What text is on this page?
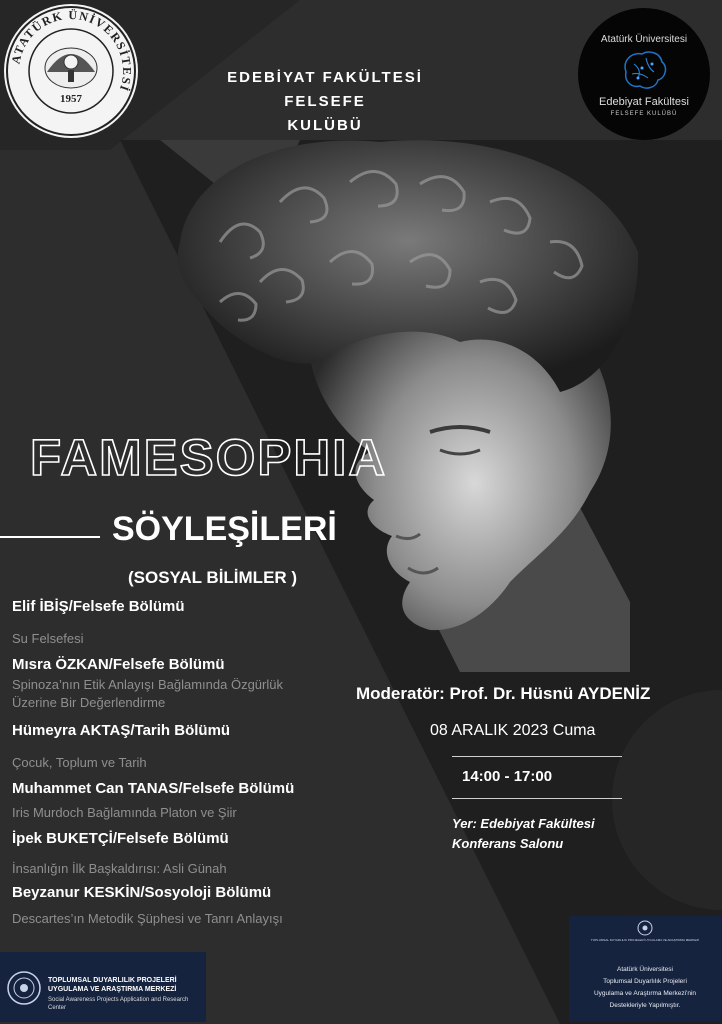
ATATÜRK ÜNİVERSİTESİ
1957
EDEBİYAT FAKÜLTESİ FELSEFE
KULÜBÜ
Atatürk Üniversitesi
Edebiyat Fakültesi
FELSEFE KULÜBÜ
FAMESOPHIA
SÖYLEŞİLERİ
(SOSYAL BİLİMLER )
Elif İBİŞ/Felsefe Bölümü
Su Felsefesi
Mısra ÖZKAN/Felsefe Bölümü
Spinoza’nın Etik Anlayışı Bağlamında Özgürlük Üzerine Bir Değerlendirme
Hümeyra AKTAŞ/Tarih Bölümü
Çocuk, Toplum ve Tarih
Muhammet Can TANAS/Felsefe Bölümü
Iris Murdoch Bağlamında Platon ve Şiir
İpek BUKETÇİ/Felsefe Bölümü
İnsanlığın İlk Başkaldırısı: Asli Günah
Beyzanur KESKİN/Sosyoloji Bölümü
Descartes’ın Metodik Şüphesi ve Tanrı Anlayışı
Moderatör: Prof. Dr. Hüsnü AYDENİZ
08 ARALIK 2023 Cuma
14:00 - 17:00
Yer: Edebiyat Fakültesi
Konferans Salonu
TOPLUMSAL DUYARLILIK PROJELERİ UYGULAMA VE ARAŞTIRMA MERKEZİ
Social Awareness Projects Application and Research Center
TOPLUMSAL DUYARLILIK PROJELERİ UYGULAMA VE ARAŞTIRMA MERKEZİ
Atatürk Üniversitesi
Toplumsal Duyarlılık Projeleri
Uygulama ve Araştırma Merkezi'nin
Destekleriyle Yapılmıştır.
